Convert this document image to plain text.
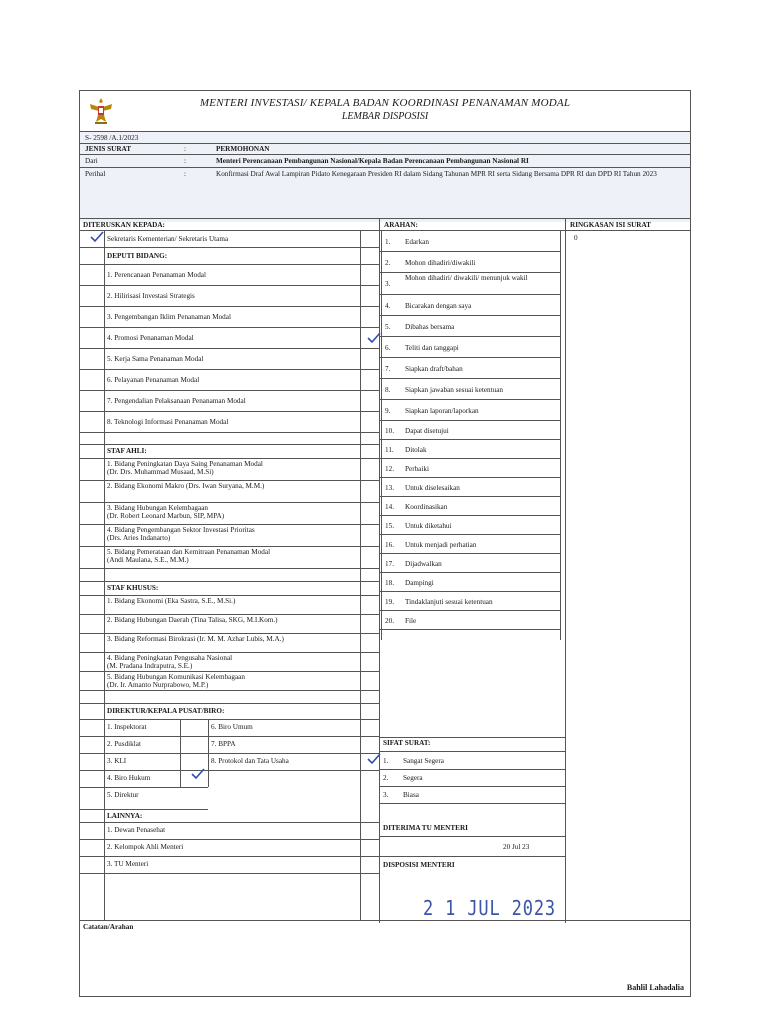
MENTERI INVESTASI/ KEPALA BADAN KOORDINASI PENANAMAN MODAL
LEMBAR DISPOSISI
S- 2598 /A.1/2023
JENIS SURAT	:	PERMOHONAN
Dari	:	Menteri Perencanaan Pembangunan Nasional/Kepala Badan Perencanaan Pembangunan Nasional RI
Perihal	:	Konfirmasi Draf Awal Lampiran Pidato Kenegaraan Presiden RI dalam Sidang Tahunan MPR RI serta Sidang Bersama DPR RI dan DPD RI Tahun 2023
DITERUSKAN KEPADA:	ARAHAN:	RINGKASAN ISI SURAT
0
Sekretaris Kementerian/ Sekretaris Utama
DEPUTI BIDANG:
1. Perencanaan Penanaman Modal
2. Hilirisasi Investasi Strategis
3. Pengembangan Iklim Penanaman Modal
4. Promosi Penanaman Modal
5. Kerja Sama Penanaman Modal
6. Pelayanan Penanaman Modal
7. Pengendalian Pelaksanaan Penanaman Modal
8. Teknologi Informasi Penanaman Modal
STAF AHLI:
1. Bidang Peningkatan Daya Saing Penanaman Modal
(Dr. Drs. Muhammad Musaad, M.Si)
2. Bidang Ekonomi Makro (Drs. Iwan Suryana, M.M.)
3. Bidang Hubungan Kelembagaan
(Dr. Robert Leonard Marbun, SIP, MPA)
4. Bidang Pengembangan Sektor Investasi Prioritas
(Drs. Aries Indanarto)
5. Bidang Pemerataan dan Kemitraan Penanaman Modal
(Andi Maulana, S.E., M.M.)
STAF KHUSUS:
1. Bidang Ekonomi (Eka Sastra, S.E., M.Si.)
2. Bidang Hubungan Daerah (Tina Talisa, SKG, M.I.Kom.)
3. Bidang Reformasi Birokrasi (Ir. M. M. Azhar Lubis, M.A.)
4. Bidang Peningkatan Pengusaha Nasional
(M. Pradana Indraputra, S.E.)
5. Bidang Hubungan Komunikasi Kelembagaan
(Dr. Ir. Amanto Nurprabowo, M.P.)
DIREKTUR/KEPALA PUSAT/BIRO:
1. Inspektorat	6. Biro Umum
2. Pusdiklat	7. BPPA
3. KLI	8. Protokol dan Tata Usaha
4. Biro Hukum
5. Direktur
LAINNYA:
1. Dewan Penasehat
2. Kelompok Ahli Menteri
3. TU Menteri
1. Edarkan
2. Mohon dihadiri/diwakili
3.
Mohon dihadiri/ diwakili/ menunjuk wakil
4. Bicarakan dengan saya
5. Dibahas bersama
6. Teliti dan tanggapi
7. Siapkan draft/bahan
8. Siapkan jawaban sesuai ketentuan
9. Siapkan laporan/laporkan
10. Dapat disetujui
11. Ditolak
12. Perbaiki
13. Untuk diselesaikan
14. Koordinasikan
15. Untuk diketahui
16. Untuk menjadi perhatian
17. Dijadwalkan
18. Dampingi
19. Tindaklanjuti sesuai ketentuan
20. File
SIFAT SURAT:
1. Sangat Segera
2. Segera
3. Biasa
DITERIMA TU MENTERI
20 Jul 23
DISPOSISI MENTERI
2 1 JUL 2023
Catatan/Arahan
Bahlil Lahadalia
